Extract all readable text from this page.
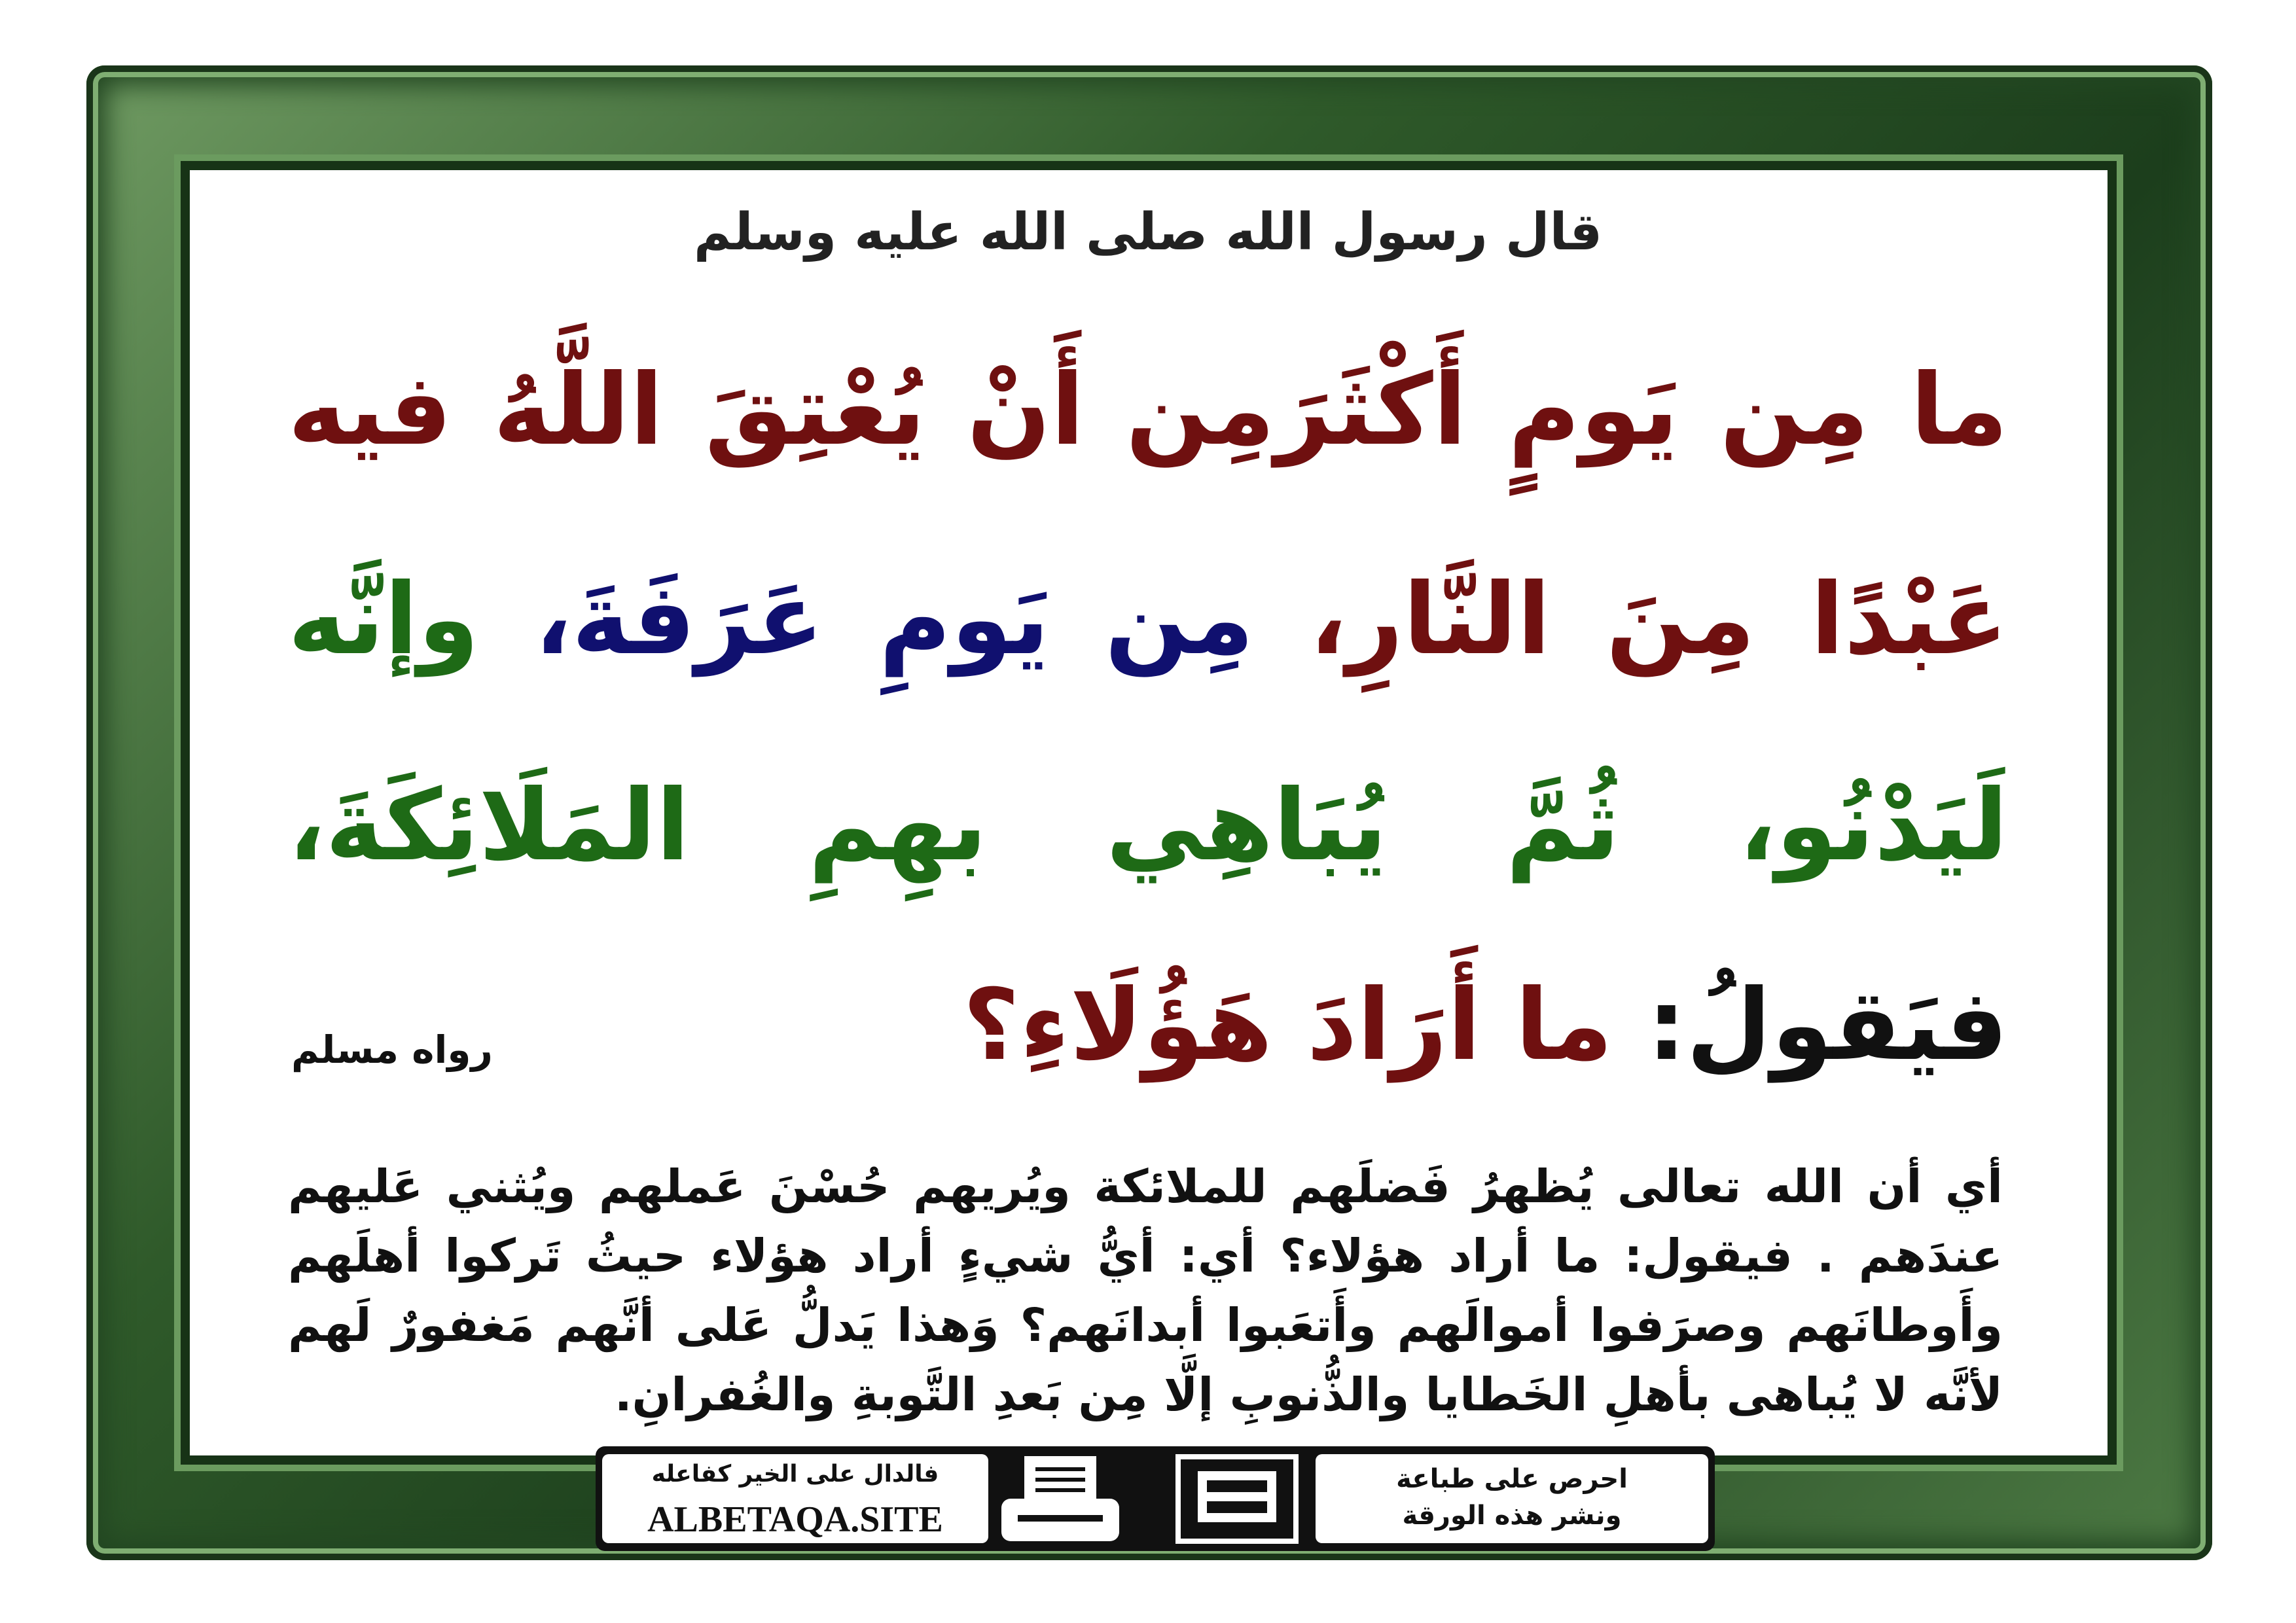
قال رسول الله صلى الله عليه وسلم
ما مِن يَومٍ أَكْثَرَمِن أَنْ يُعْتِقَ اللَّهُ فيه
عَبْدًا مِنَ النَّارِ، مِن يَومِ عَرَفَةَ، وإنَّه
لَيَدْنُو، ثُمَّ يُبَاهِي بهِمِ المَلَائِكَةَ،
فيَقولُ: ما أَرَادَ هَؤُلَاءِ؟
رواه مسلم
أي أن الله تعالى يُظهرُ فَضلَهم للملائكة ويُريهم حُسْنَ عَملهم ويُثني عَليهم عندَهم . فيقول: ما أراد هؤلاء؟ أي: أيُّ شيءٍ أراد هؤلاء حيثُ تَركوا أهلَهم وأَوطانَهم وصرَفوا أموالَهم وأَتعَبوا أبدانَهم؟ وَهذا يَدلُّ عَلى أنَّهم مَغفورٌ لَهم لأنَّه لا يُباهى بأهلِ الخَطايا والذُّنوبِ إلَّا مِن بَعدِ التَّوبةِ والغُفرانِ.
فالدال على الخير كفاعله
ALBETAQA.SITE
احرص على طباعة
ونشر هذه الورقة
